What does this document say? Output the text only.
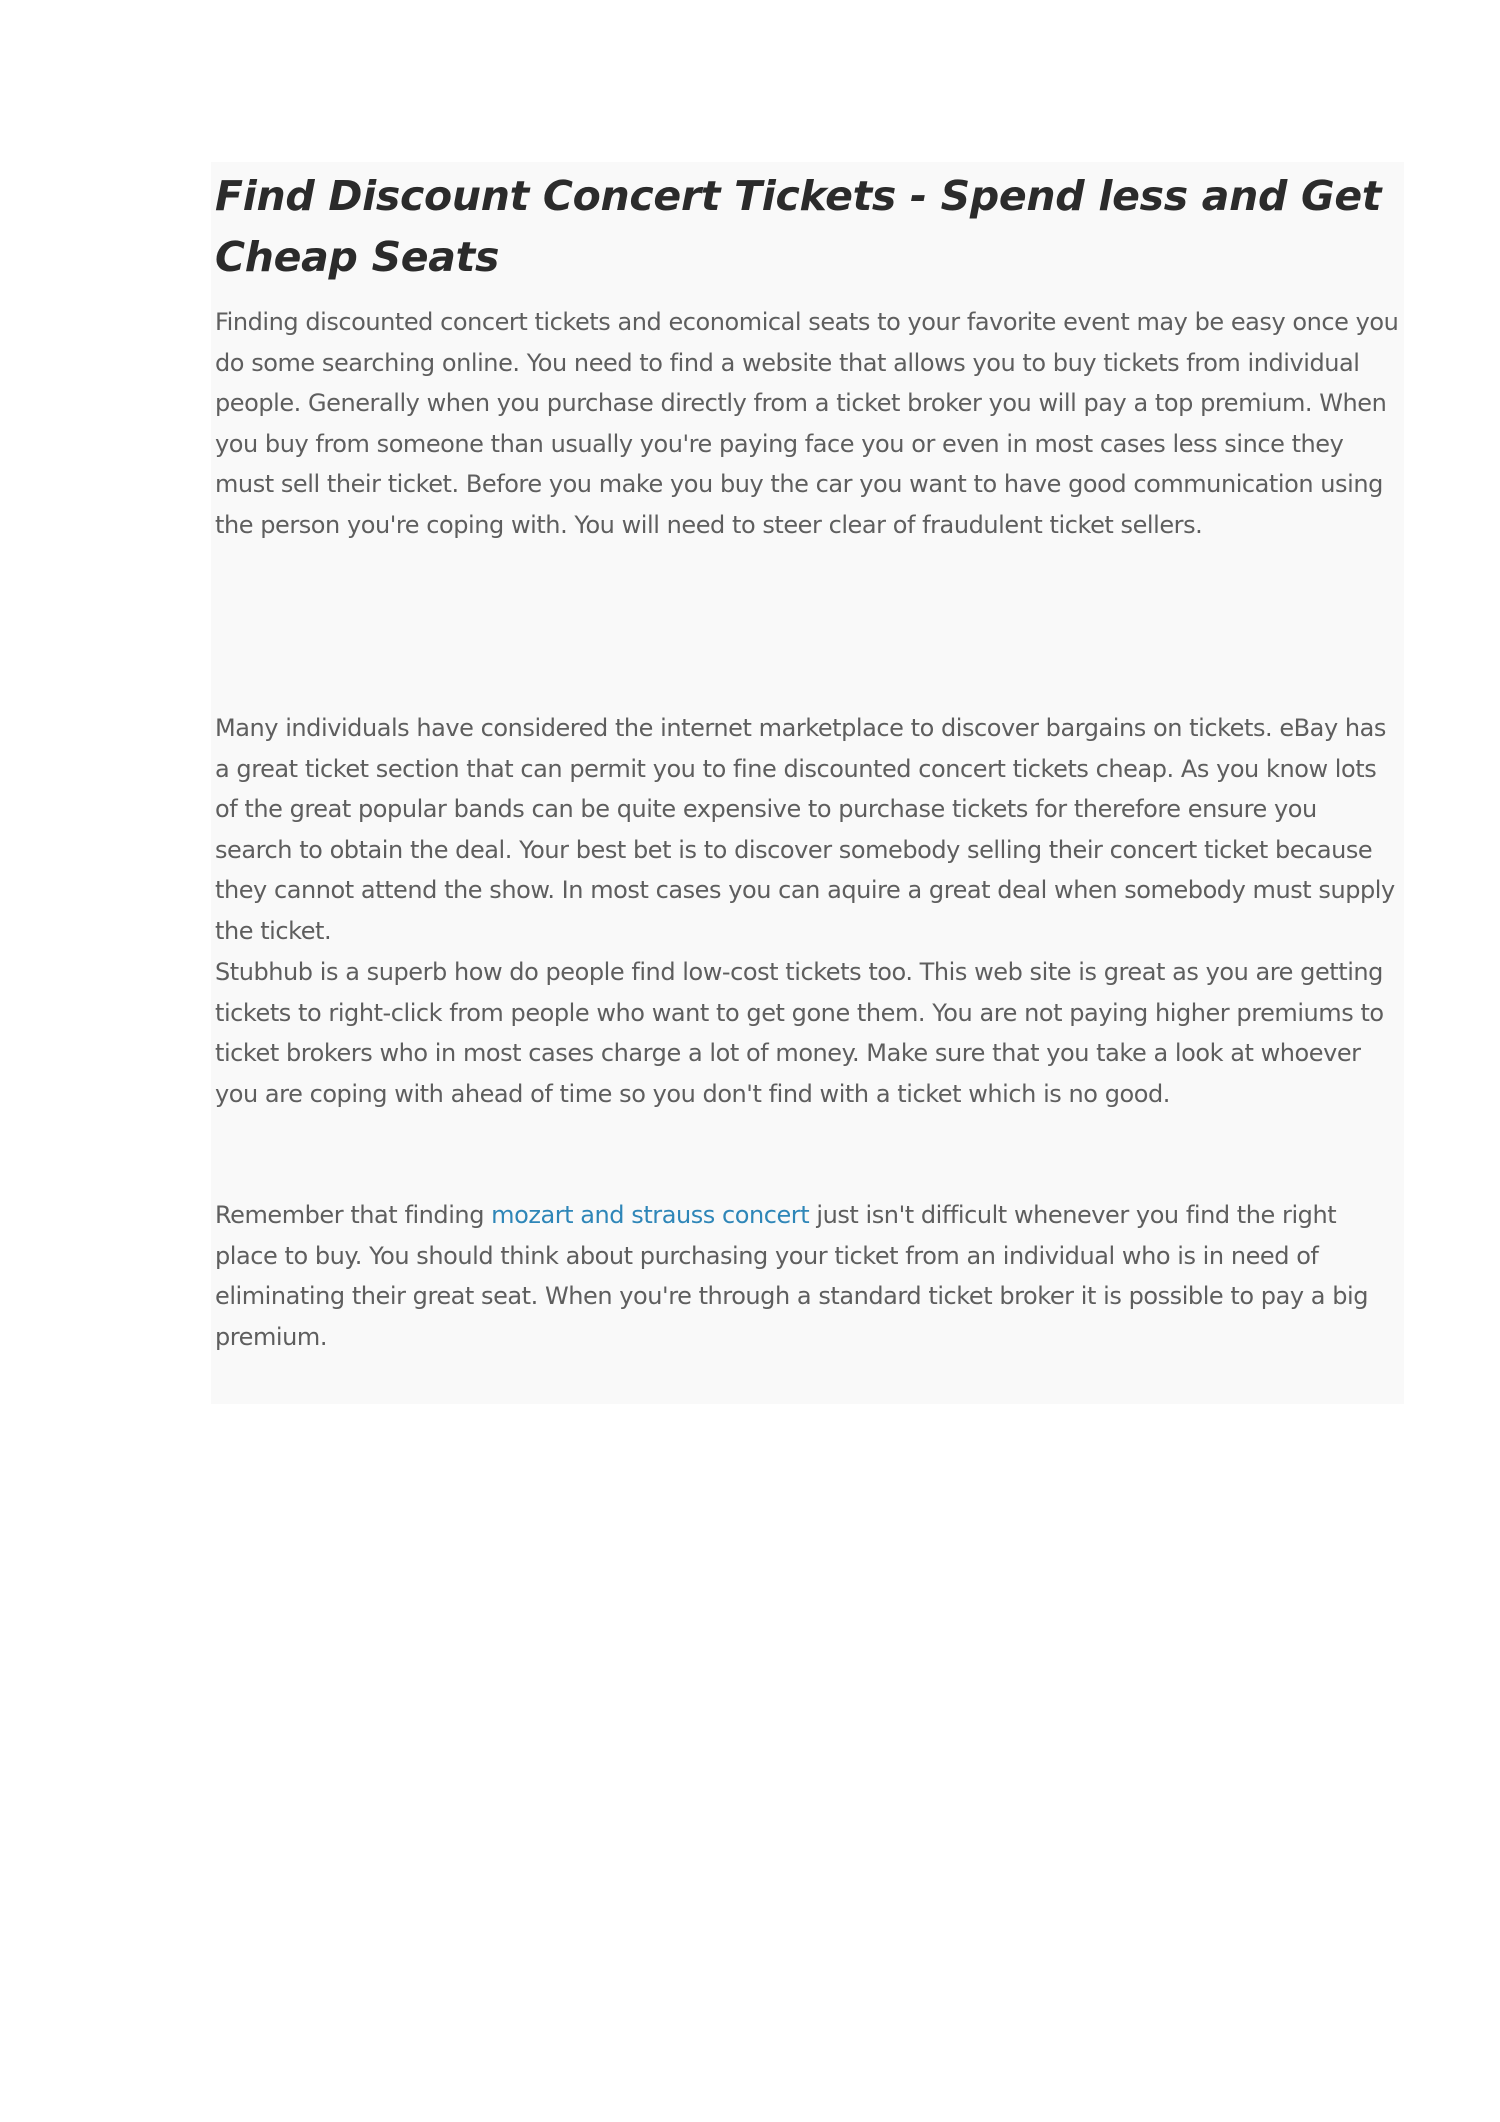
Find Discount Concert Tickets - Spend less and Get Cheap Seats

Finding discounted concert tickets and economical seats to your favorite event may be easy once you do some searching online. You need to find a website that allows you to buy tickets from individual people. Generally when you purchase directly from a ticket broker you will pay a top premium. When you buy from someone than usually you're paying face you or even in most cases less since they must sell their ticket. Before you make you buy the car you want to have good communication using the person you're coping with. You will need to steer clear of fraudulent ticket sellers.

Many individuals have considered the internet marketplace to discover bargains on tickets. eBay has a great ticket section that can permit you to fine discounted concert tickets cheap. As you know lots of the great popular bands can be quite expensive to purchase tickets for therefore ensure you search to obtain the deal. Your best bet is to discover somebody selling their concert ticket because they cannot attend the show. In most cases you can aquire a great deal when somebody must supply the ticket.

Stubhub is a superb how do people find low-cost tickets too. This web site is great as you are getting tickets to right-click from people who want to get gone them. You are not paying higher premiums to ticket brokers who in most cases charge a lot of money. Make sure that you take a look at whoever you are coping with ahead of time so you don't find with a ticket which is no good.

Remember that finding mozart and strauss concert just isn't difficult whenever you find the right place to buy. You should think about purchasing your ticket from an individual who is in need of eliminating their great seat. When you're through a standard ticket broker it is possible to pay a big premium.
